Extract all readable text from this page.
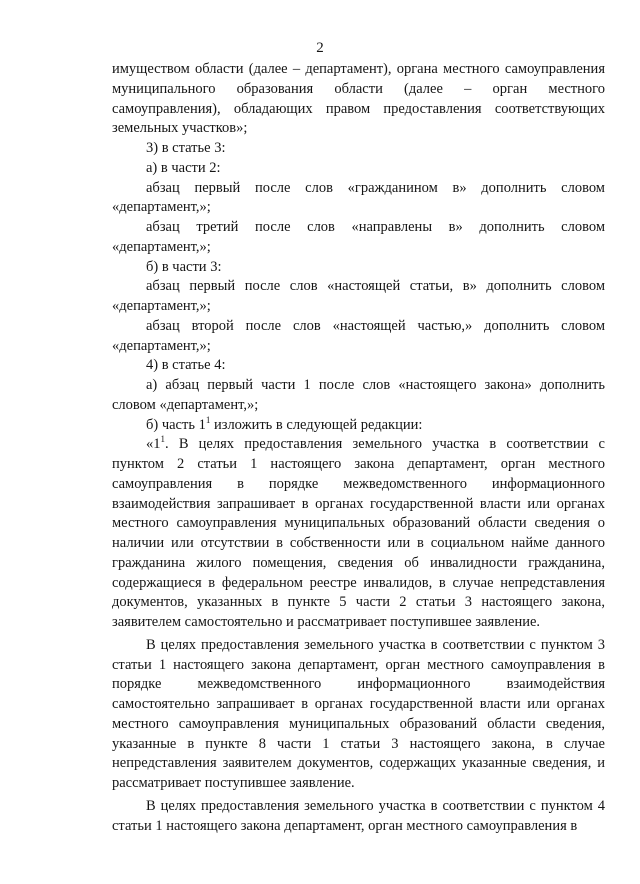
2

имуществом области (далее – департамент), органа местного самоуправления муниципального образования области (далее – орган местного самоуправления), обладающих правом предоставления соответствующих земельных участков»;

3) в статье 3:

а) в части 2:

абзац первый после слов «гражданином в» дополнить словом «департамент,»;

абзац третий после слов «направлены в» дополнить словом «департамент,»;

б) в части 3:

абзац первый после слов «настоящей статьи, в» дополнить словом «департамент,»;

абзац второй после слов «настоящей частью,» дополнить словом «департамент,»;

4) в статье 4:

а) абзац первый части 1 после слов «настоящего закона» дополнить словом «департамент,»;

б) часть $1^1$ изложить в следующей редакции:

«$1^1$. В целях предоставления земельного участка в соответствии с пунктом 2 статьи 1 настоящего закона департамент, орган местного самоуправления в порядке межведомственного информационного взаимодействия запрашивает в органах государственной власти или органах местного самоуправления муниципальных образований области сведения о наличии или отсутствии в собственности или в социальном найме данного гражданина жилого помещения, сведения об инвалидности гражданина, содержащиеся в федеральном реестре инвалидов, в случае непредставления документов, указанных в пункте 5 части 2 статьи 3 настоящего закона, заявителем самостоятельно и рассматривает поступившее заявление.

В целях предоставления земельного участка в соответствии с пунктом 3 статьи 1 настоящего закона департамент, орган местного самоуправления в порядке межведомственного информационного взаимодействия самостоятельно запрашивает в органах государственной власти или органах местного самоуправления муниципальных образований области сведения, указанные в пункте 8 части 1 статьи 3 настоящего закона, в случае непредставления заявителем документов, содержащих указанные сведения, и рассматривает поступившее заявление.

В целях предоставления земельного участка в соответствии с пунктом 4 статьи 1 настоящего закона департамент, орган местного самоуправления в
